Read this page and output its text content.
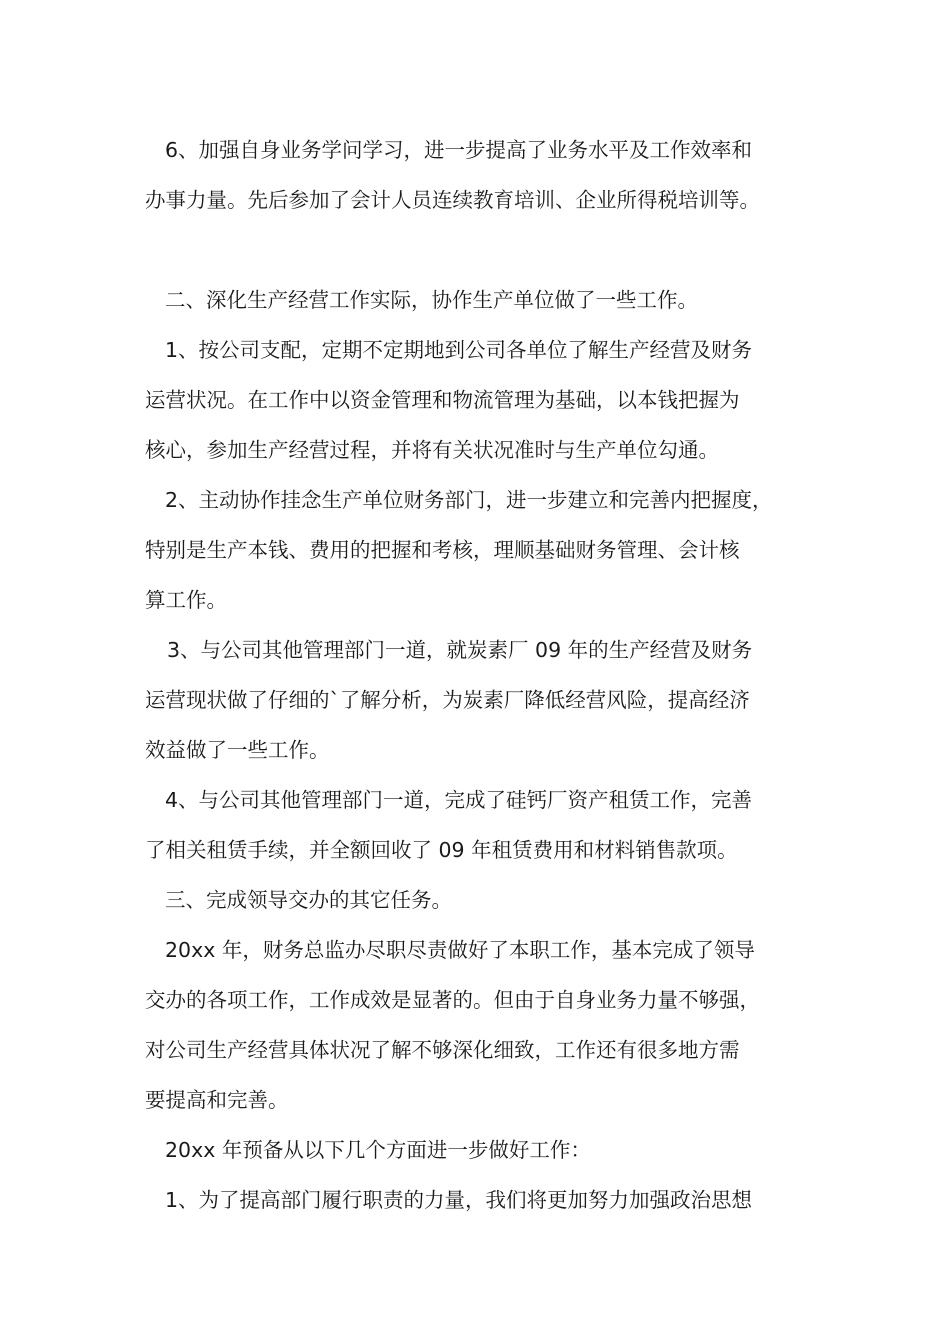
6、加强自身业务学问学习，进一步提高了业务水平及工作效率和

办事力量。先后参加了会计人员连续教育培训、企业所得税培训等。

二、深化生产经营工作实际，协作生产单位做了一些工作。

1、按公司支配，定期不定期地到公司各单位了解生产经营及财务

运营状况。在工作中以资金管理和物流管理为基础，以本钱把握为

核心，参加生产经营过程，并将有关状况准时与生产单位勾通。

2、主动协作挂念生产单位财务部门，进一步建立和完善内把握度，

特别是生产本钱、费用的把握和考核，理顺基础财务管理、会计核

算工作。

3、与公司其他管理部门一道，就炭素厂 09 年的生产经营及财务

运营现状做了仔细的`了解分析，为炭素厂降低经营风险，提高经济

效益做了一些工作。

4、与公司其他管理部门一道，完成了硅钙厂资产租赁工作，完善

了相关租赁手续，并全额回收了 09 年租赁费用和材料销售款项。

三、完成领导交办的其它任务。

20xx 年，财务总监办尽职尽责做好了本职工作，基本完成了领导

交办的各项工作，工作成效是显著的。但由于自身业务力量不够强，

对公司生产经营具体状况了解不够深化细致，工作还有很多地方需

要提高和完善。

20xx 年预备从以下几个方面进一步做好工作：

1、为了提高部门履行职责的力量，我们将更加努力加强政治思想
